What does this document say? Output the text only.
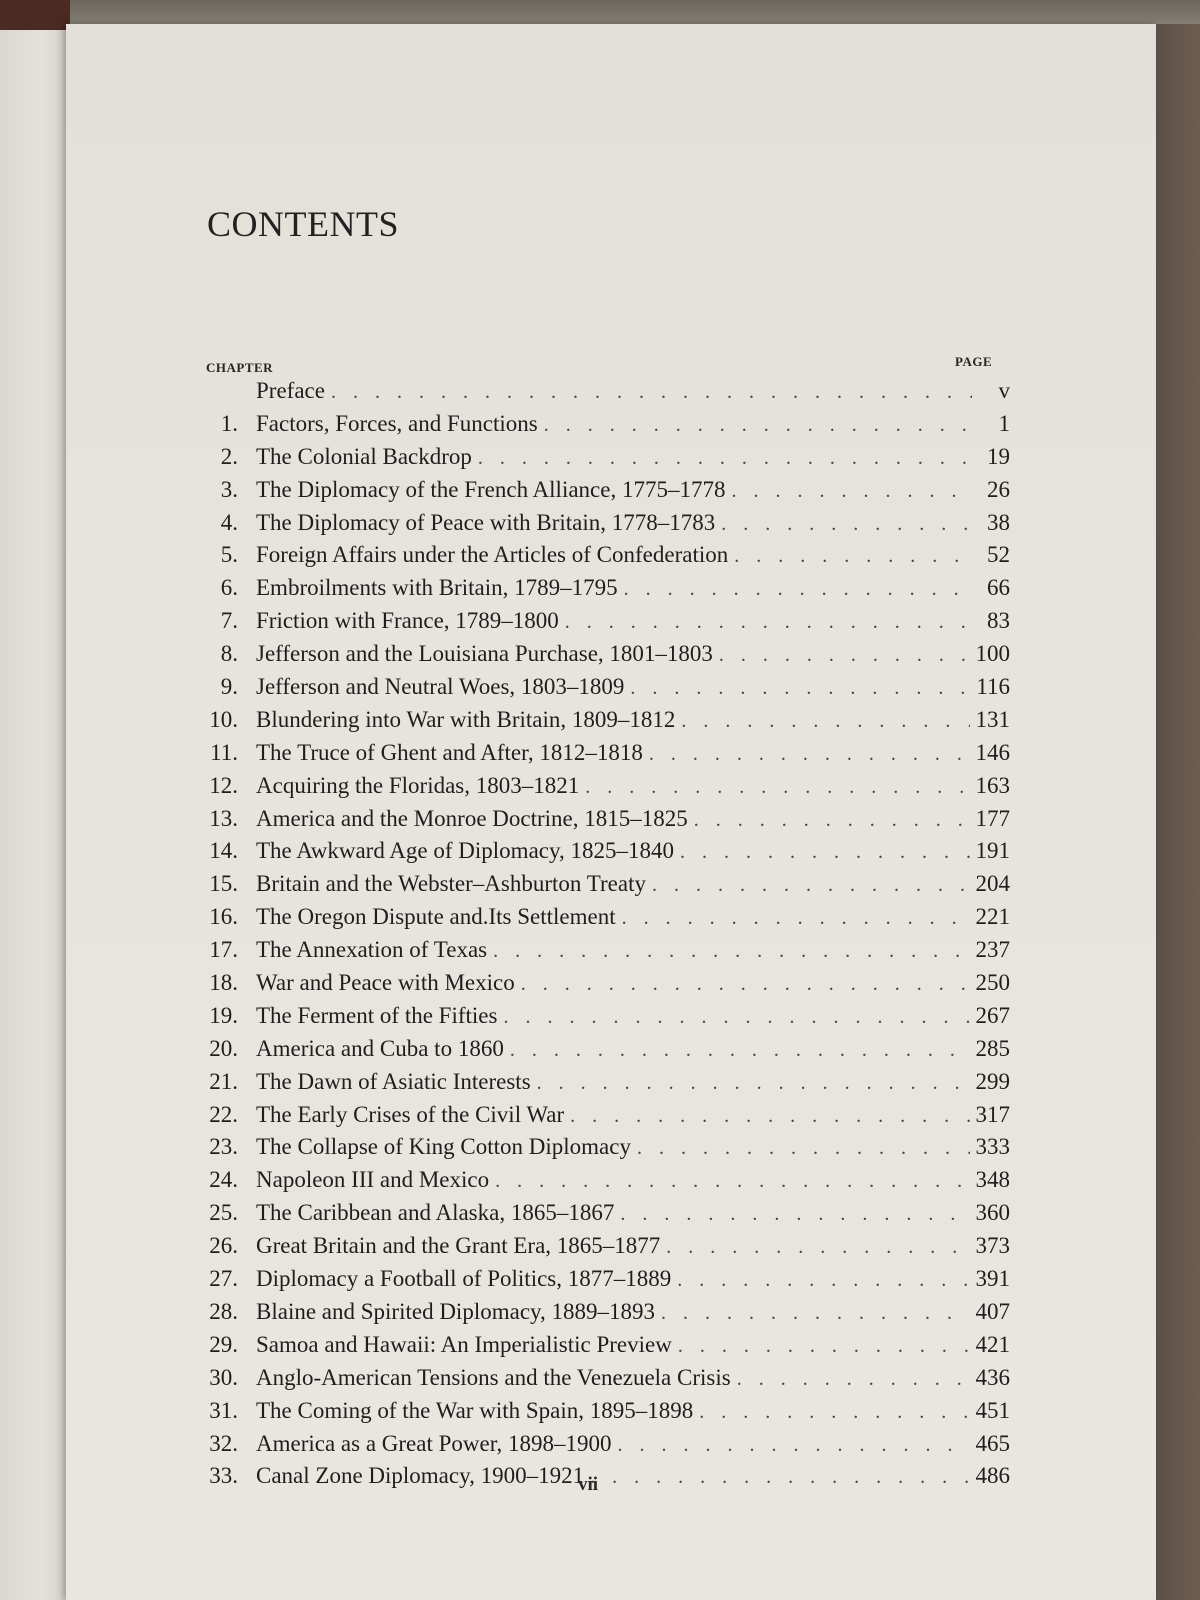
CONTENTS
CHAPTER	PAGE
Preface . . .	v
1. Factors, Forces, and Functions . . .	1
2. The Colonial Backdrop . . .	19
3. The Diplomacy of the French Alliance, 1775–1778 . . .	26
4. The Diplomacy of Peace with Britain, 1778–1783 . . .	38
5. Foreign Affairs under the Articles of Confederation . . .	52
6. Embroilments with Britain, 1789–1795 . . .	66
7. Friction with France, 1789–1800 . . .	83
8. Jefferson and the Louisiana Purchase, 1801–1803 . . .	100
9. Jefferson and Neutral Woes, 1803–1809 . . .	116
10. Blundering into War with Britain, 1809–1812 . . .	131
11. The Truce of Ghent and After, 1812–1818 . . .	146
12. Acquiring the Floridas, 1803–1821 . . .	163
13. America and the Monroe Doctrine, 1815–1825 . . .	177
14. The Awkward Age of Diplomacy, 1825–1840 . . .	191
15. Britain and the Webster–Ashburton Treaty . . .	204
16. The Oregon Dispute and.Its Settlement . . .	221
17. The Annexation of Texas . . .	237
18. War and Peace with Mexico . . .	250
19. The Ferment of the Fifties . . .	267
20. America and Cuba to 1860 . . .	285
21. The Dawn of Asiatic Interests . . .	299
22. The Early Crises of the Civil War . . .	317
23. The Collapse of King Cotton Diplomacy . . .	333
24. Napoleon III and Mexico . . .	348
25. The Caribbean and Alaska, 1865–1867 . . .	360
26. Great Britain and the Grant Era, 1865–1877 . . .	373
27. Diplomacy a Football of Politics, 1877–1889 . . .	391
28. Blaine and Spirited Diplomacy, 1889–1893 . . .	407
29. Samoa and Hawaii: An Imperialistic Preview . . .	421
30. Anglo-American Tensions and the Venezuela Crisis . . .	436
31. The Coming of the War with Spain, 1895–1898 . . .	451
32. America as a Great Power, 1898–1900 . . .	465
33. Canal Zone Diplomacy, 1900–1921 . . .	486
vii
